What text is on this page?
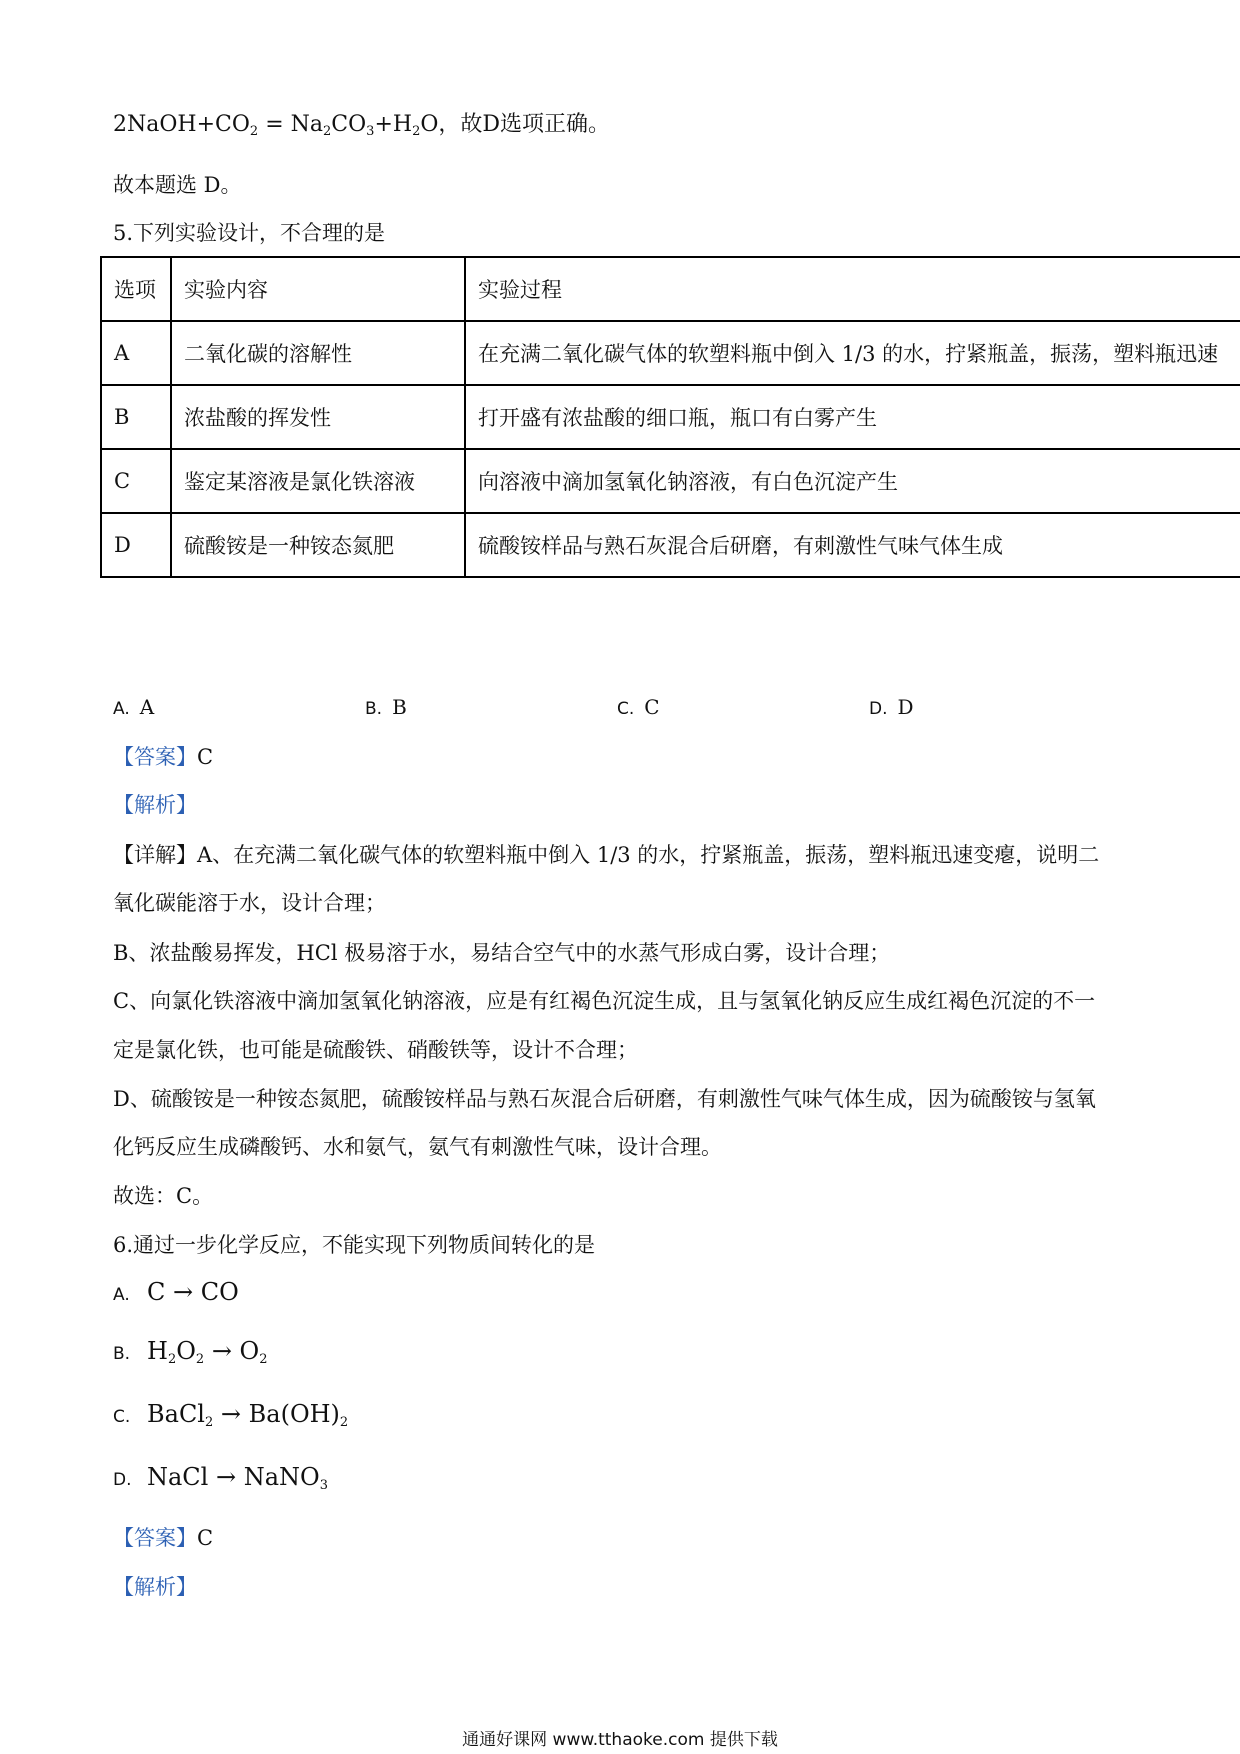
$2NaOH+CO_2 = Na_2CO_3+H_2O$，故D选项正确。
故本题选 D。
5.下列实验设计，不合理的是
选项	实验内容	实验过程
A	二氧化碳的溶解性	在充满二氧化碳气体的软塑料瓶中倒入 1/3 的水，拧紧瓶盖，振荡，塑料瓶迅速
B	浓盐酸的挥发性	打开盛有浓盐酸的细口瓶，瓶口有白雾产生
C	鉴定某溶液是氯化铁溶液	向溶液中滴加氢氧化钠溶液，有白色沉淀产生
D	硫酸铵是一种铵态氮肥	硫酸铵样品与熟石灰混合后研磨，有刺激性气味气体生成
A. A	B. B	C. C	D. D
【答案】C
【解析】
【详解】A、在充满二氧化碳气体的软塑料瓶中倒入 1/3 的水，拧紧瓶盖，振荡，塑料瓶迅速变瘪，说明二
氧化碳能溶于水，设计合理；
B、浓盐酸易挥发，HCl 极易溶于水，易结合空气中的水蒸气形成白雾，设计合理；
C、向氯化铁溶液中滴加氢氧化钠溶液，应是有红褐色沉淀生成，且与氢氧化钠反应生成红褐色沉淀的不一
定是氯化铁，也可能是硫酸铁、硝酸铁等，设计不合理；
D、硫酸铵是一种铵态氮肥，硫酸铵样品与熟石灰混合后研磨，有刺激性气味气体生成，因为硫酸铵与氢氧
化钙反应生成磷酸钙、水和氨气，氨气有刺激性气味，设计合理。
故选：C。
6.通过一步化学反应，不能实现下列物质间转化的是
A. C → CO
B. $H_2O_2 \to O_2$
C. BaCl$_2$ → $Ba(OH)_2$
D. NaCl → NaNO$_3$
【答案】C
【解析】
通通好课网 www.tthaoke.com 提供下载
